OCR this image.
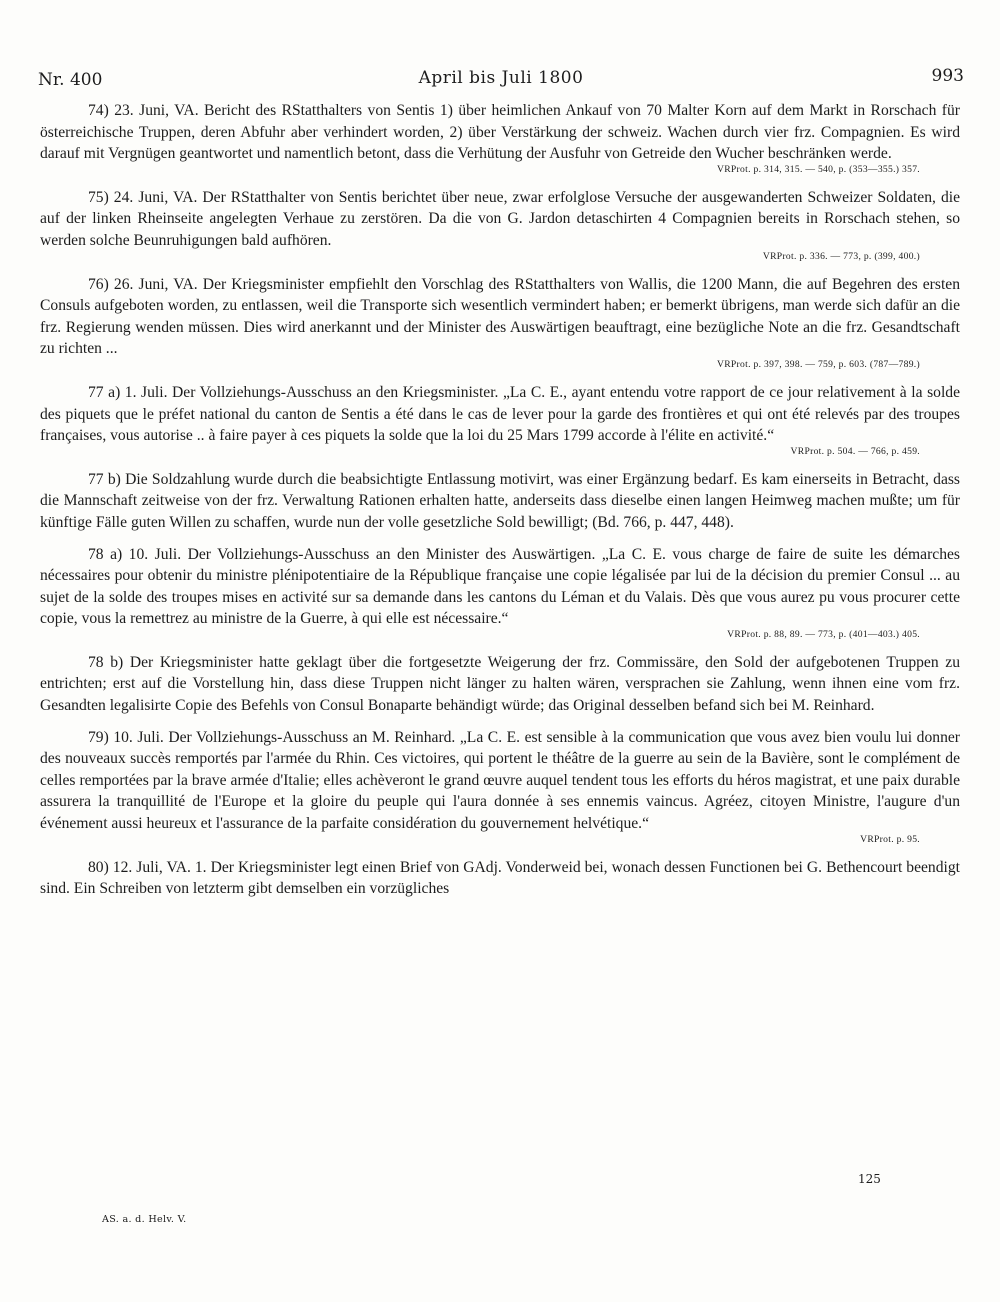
Nr. 400	April bis Juli 1800	993

74) 23. Juni, VA. Bericht des RStatthalters von Sentis 1) über heimlichen Ankauf von 70 Malter Korn auf dem Markt in Rorschach für österreichische Truppen, deren Abfuhr aber verhindert worden, 2) über Verstärkung der schweiz. Wachen durch vier frz. Compagnien. Es wird darauf mit Vergnügen geantwortet und namentlich betont, dass die Verhütung der Ausfuhr von Getreide den Wucher beschränken werde.

VRProt. p. 314, 315. — 540, p. (353—355.) 357.

75) 24. Juni, VA. Der RStatthalter von Sentis berichtet über neue, zwar erfolglose Versuche der ausgewanderten Schweizer Soldaten, die auf der linken Rheinseite angelegten Verhaue zu zerstören. Da die von G. Jardon detaschirten 4 Compagnien bereits in Rorschach stehen, so werden solche Beunruhigungen bald aufhören.

VRProt. p. 336. — 773, p. (399, 400.)

76) 26. Juni, VA. Der Kriegsminister empfiehlt den Vorschlag des RStatthalters von Wallis, die 1200 Mann, die auf Begehren des ersten Consuls aufgeboten worden, zu entlassen, weil die Transporte sich wesentlich vermindert haben; er bemerkt übrigens, man werde sich dafür an die frz. Regierung wenden müssen. Dies wird anerkannt und der Minister des Auswärtigen beauftragt, eine bezügliche Note an die frz. Gesandtschaft zu richten ...

VRProt. p. 397, 398. — 759, p. 603. (787—789.)

77 a) 1. Juli. Der Vollziehungs-Ausschuss an den Kriegsminister. „La C. E., ayant entendu votre rapport de ce jour relativement à la solde des piquets que le préfet national du canton de Sentis a été dans le cas de lever pour la garde des frontières et qui ont été relevés par des troupes françaises, vous autorise .. à faire payer à ces piquets la solde que la loi du 25 Mars 1799 accorde à l'élite en activité.“

VRProt. p. 504. — 766, p. 459.

77 b) Die Soldzahlung wurde durch die beabsichtigte Entlassung motivirt, was einer Ergänzung bedarf. Es kam einerseits in Betracht, dass die Mannschaft zeitweise von der frz. Verwaltung Rationen erhalten hatte, anderseits dass dieselbe einen langen Heimweg machen mußte; um für künftige Fälle guten Willen zu schaffen, wurde nun der volle gesetzliche Sold bewilligt; (Bd. 766, p. 447, 448).

78 a) 10. Juli. Der Vollziehungs-Ausschuss an den Minister des Auswärtigen. „La C. E. vous charge de faire de suite les démarches nécessaires pour obtenir du ministre plénipotentiaire de la République française une copie légalisée par lui de la décision du premier Consul ... au sujet de la solde des troupes mises en activité sur sa demande dans les cantons du Léman et du Valais. Dès que vous aurez pu vous procurer cette copie, vous la remettrez au ministre de la Guerre, à qui elle est nécessaire.“

VRProt. p. 88, 89. — 773, p. (401—403.) 405.

78 b) Der Kriegsminister hatte geklagt über die fortgesetzte Weigerung der frz. Commissäre, den Sold der aufgebotenen Truppen zu entrichten; erst auf die Vorstellung hin, dass diese Truppen nicht länger zu halten wären, versprachen sie Zahlung, wenn ihnen eine vom frz. Gesandten legalisirte Copie des Befehls von Consul Bonaparte behändigt würde; das Original desselben befand sich bei M. Reinhard.

79) 10. Juli. Der Vollziehungs-Ausschuss an M. Reinhard. „La C. E. est sensible à la communication que vous avez bien voulu lui donner des nouveaux succès remportés par l'armée du Rhin. Ces victoires, qui portent le théâtre de la guerre au sein de la Bavière, sont le complément de celles remportées par la brave armée d'Italie; elles achèveront le grand œuvre auquel tendent tous les efforts du héros magistrat, et une paix durable assurera la tranquillité de l'Europe et la gloire du peuple qui l'aura donnée à ses ennemis vaincus. Agréez, citoyen Ministre, l'augure d'un événement aussi heureux et l'assurance de la parfaite considération du gouvernement helvétique.“

VRProt. p. 95.

80) 12. Juli, VA. 1. Der Kriegsminister legt einen Brief von GAdj. Vonderweid bei, wonach dessen Functionen bei G. Bethencourt beendigt sind. Ein Schreiben von letzterm gibt demselben ein vorzügliches

125
AS. a. d. Helv. V.
